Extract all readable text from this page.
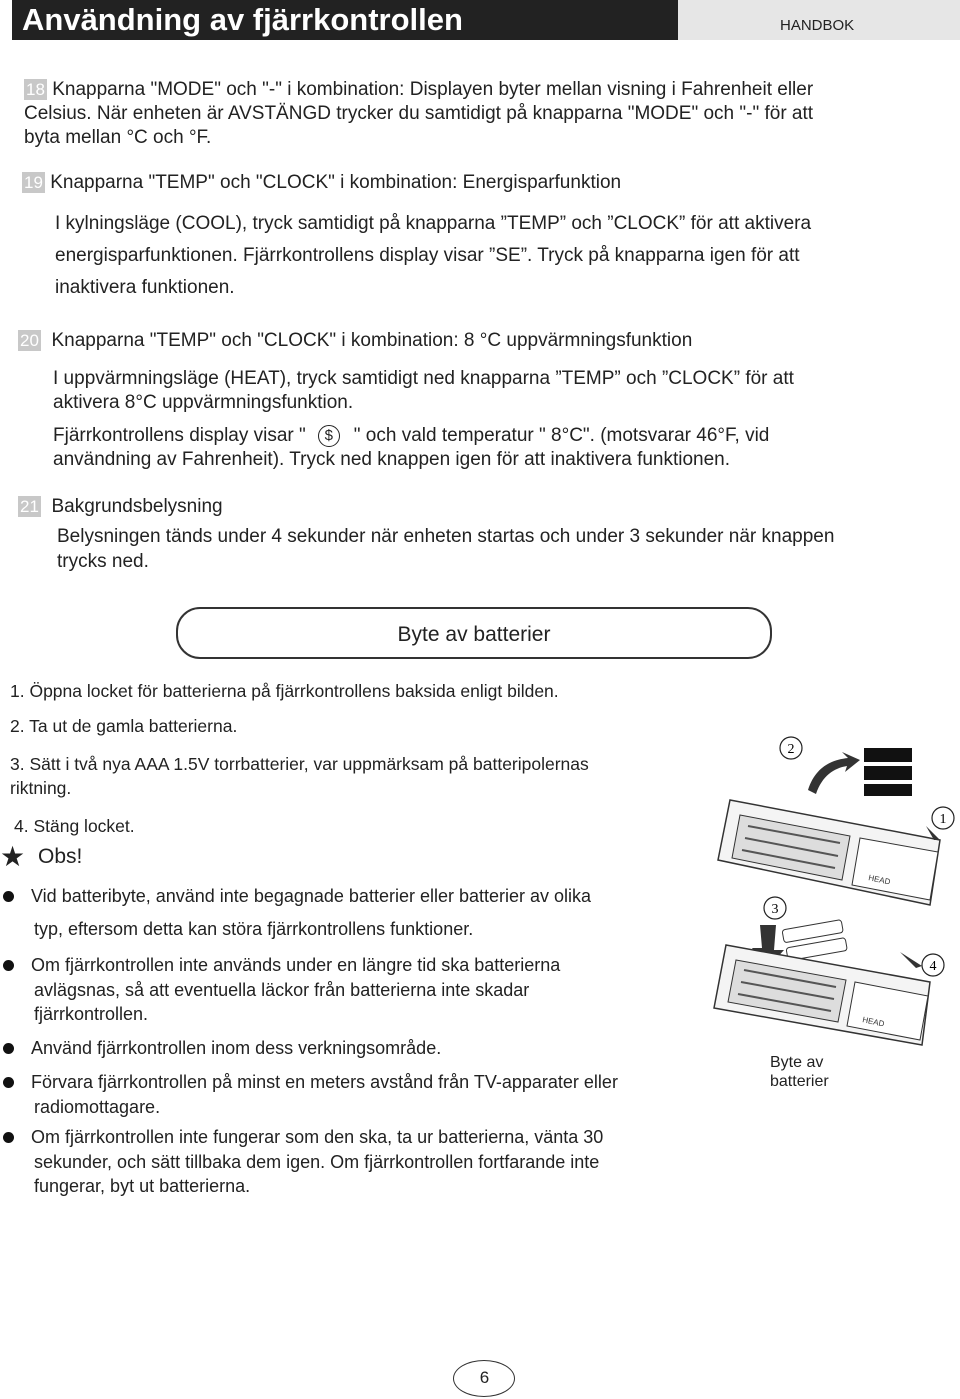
Användning av fjärrkontrollen	HANDBOK
18 Knapparna "MODE" och "-" i kombination: Displayen byter mellan visning i Fahrenheit eller
Celsius. När enheten är AVSTÄNGD trycker du samtidigt på knapparna "MODE" och "-" för att
byta mellan °C och °F.
19 Knapparna "TEMP" och "CLOCK" i kombination: Energisparfunktion
I kylningsläge (COOL), tryck samtidigt på knapparna ”TEMP” och ”CLOCK” för att aktivera
energisparfunktionen. Fjärrkontrollens display visar ”SE”. Tryck på knapparna igen för att
inaktivera funktionen.
20 Knapparna "TEMP" och "CLOCK" i kombination: 8 °C uppvärmningsfunktion
I uppvärmningsläge (HEAT), tryck samtidigt ned knapparna ”TEMP” och ”CLOCK” för att
aktivera 8°C uppvärmningsfunktion.
Fjärrkontrollens display visar " $ " och vald temperatur " 8°C". (motsvarar 46°F, vid
användning av Fahrenheit). Tryck ned knappen igen för att inaktivera funktionen.
21 Bakgrundsbelysning
Belysningen tänds under 4 sekunder när enheten startas och under 3 sekunder när knappen
trycks ned.
Byte av batterier
1. Öppna locket för batterierna på fjärrkontrollens baksida enligt bilden.
2. Ta ut de gamla batterierna.
3. Sätt i två nya AAA 1.5V torrbatterier, var uppmärksam på batteripolernas
riktning.
4. Stäng locket.
★ Obs!
Vid batteribyte, använd inte begagnade batterier eller batterier av olika
typ, eftersom detta kan störa fjärrkontrollens funktioner.
Om fjärrkontrollen inte används under en längre tid ska batterierna
avlägsnas, så att eventuella läckor från batterierna inte skadar
fjärrkontrollen.
Använd fjärrkontrollen inom dess verkningsområde.
Förvara fjärrkontrollen på minst en meters avstånd från TV-apparater eller
radiomottagare.
Om fjärrkontrollen inte fungerar som den ska, ta ur batterierna, vänta 30
sekunder, och sätt tillbaka dem igen. Om fjärrkontrollen fortfarande inte
fungerar, byt ut batterierna.
2
HEAD
1
3
HEAD
4
Byte av
batterier
6
